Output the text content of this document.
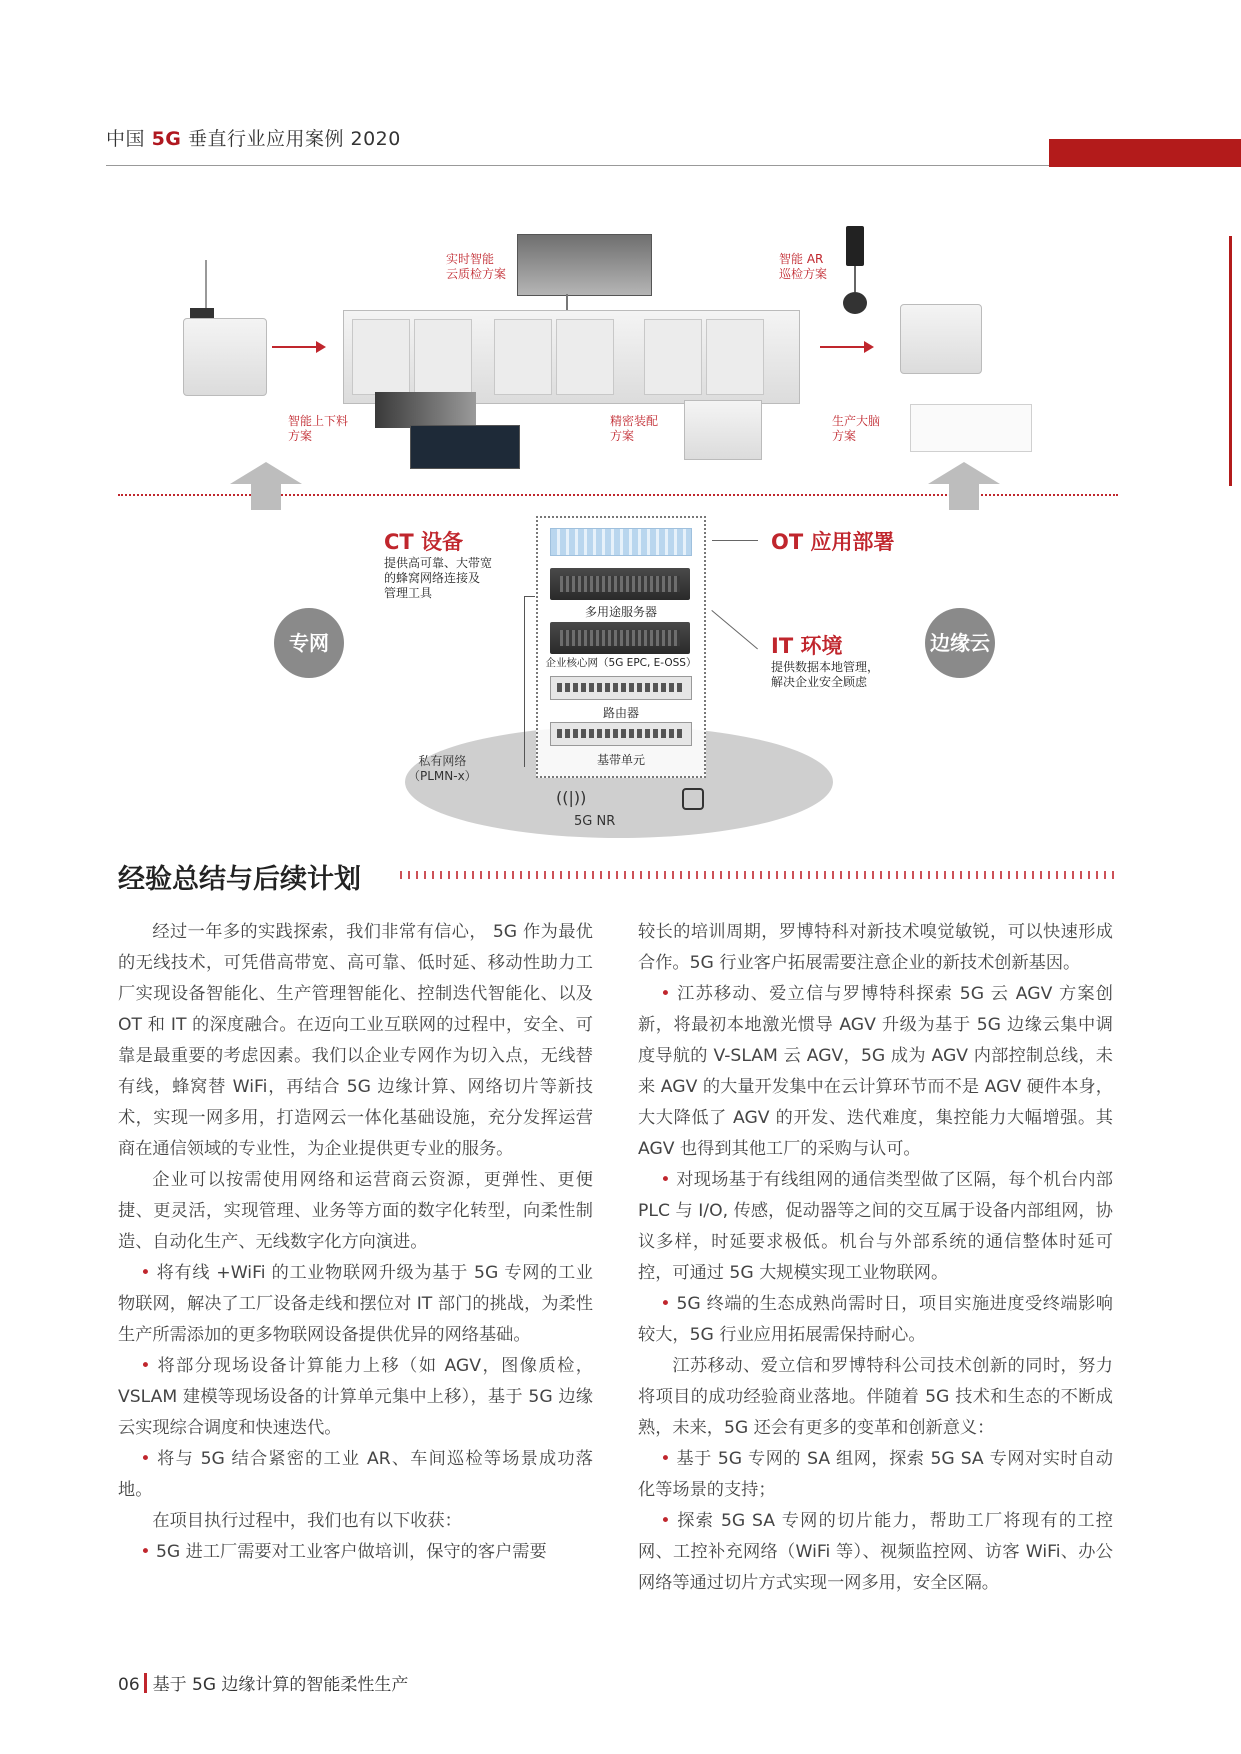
中国 5G 垂直行业应用案例 2020
实时智能
云质检方案
智能 AR
巡检方案
智能上下料
方案
精密装配
方案
生产大脑
方案
专网	边缘云
CT 设备
提供高可靠、大带宽
的蜂窝网络连接及
管理工具
OT 应用部署
IT 环境
提供数据本地管理，
解决企业安全顾虑
多用途服务器
企业核心网（5G EPC, E-OSS）
路由器
基带单元
私有网络
（PLMN-x）
((|))
5G NR
经验总结与后续计划

经过一年多的实践探索，我们非常有信心， 5G 作为最优的无线技术，可凭借高带宽、高可靠、低时延、移动性助力工厂实现设备智能化、生产管理智能化、控制迭代智能化、以及 OT 和 IT 的深度融合。在迈向工业互联网的过程中，安全、可靠是最重要的考虑因素。我们以企业专网作为切入点，无线替有线，蜂窝替 WiFi，再结合 5G 边缘计算、网络切片等新技术，实现一网多用，打造网云一体化基础设施，充分发挥运营商在通信领域的专业性，为企业提供更专业的服务。

企业可以按需使用网络和运营商云资源，更弹性、更便捷、更灵活，实现管理、业务等方面的数字化转型，向柔性制造、自动化生产、无线数字化方向演进。

• 将有线 +WiFi 的工业物联网升级为基于 5G 专网的工业物联网，解决了工厂设备走线和摆位对 IT 部门的挑战，为柔性生产所需添加的更多物联网设备提供优异的网络基础。

• 将部分现场设备计算能力上移（如 AGV，图像质检，VSLAM 建模等现场设备的计算单元集中上移），基于 5G 边缘云实现综合调度和快速迭代。

• 将与 5G 结合紧密的工业 AR、车间巡检等场景成功落地。

在项目执行过程中，我们也有以下收获：

• 5G 进工厂需要对工业客户做培训，保守的客户需要

较长的培训周期，罗博特科对新技术嗅觉敏锐，可以快速形成合作。5G 行业客户拓展需要注意企业的新技术创新基因。

• 江苏移动、爱立信与罗博特科探索 5G 云 AGV 方案创新，将最初本地激光惯导 AGV 升级为基于 5G 边缘云集中调度导航的 V-SLAM 云 AGV，5G 成为 AGV 内部控制总线，未来 AGV 的大量开发集中在云计算环节而不是 AGV 硬件本身，大大降低了 AGV 的开发、迭代难度，集控能力大幅增强。其 AGV 也得到其他工厂的采购与认可。

• 对现场基于有线组网的通信类型做了区隔，每个机台内部 PLC 与 I/O, 传感，促动器等之间的交互属于设备内部组网，协议多样，时延要求极低。机台与外部系统的通信整体时延可控，可通过 5G 大规模实现工业物联网。

• 5G 终端的生态成熟尚需时日，项目实施进度受终端影响较大，5G 行业应用拓展需保持耐心。

江苏移动、爱立信和罗博特科公司技术创新的同时，努力将项目的成功经验商业落地。伴随着 5G 技术和生态的不断成熟，未来，5G 还会有更多的变革和创新意义：

• 基于 5G 专网的 SA 组网，探索 5G SA 专网对实时自动化等场景的支持；

• 探索 5G SA 专网的切片能力，帮助工厂将现有的工控网、工控补充网络（WiFi 等）、视频监控网、访客 WiFi、办公网络等通过切片方式实现一网多用，安全区隔。

06 基于 5G 边缘计算的智能柔性生产
